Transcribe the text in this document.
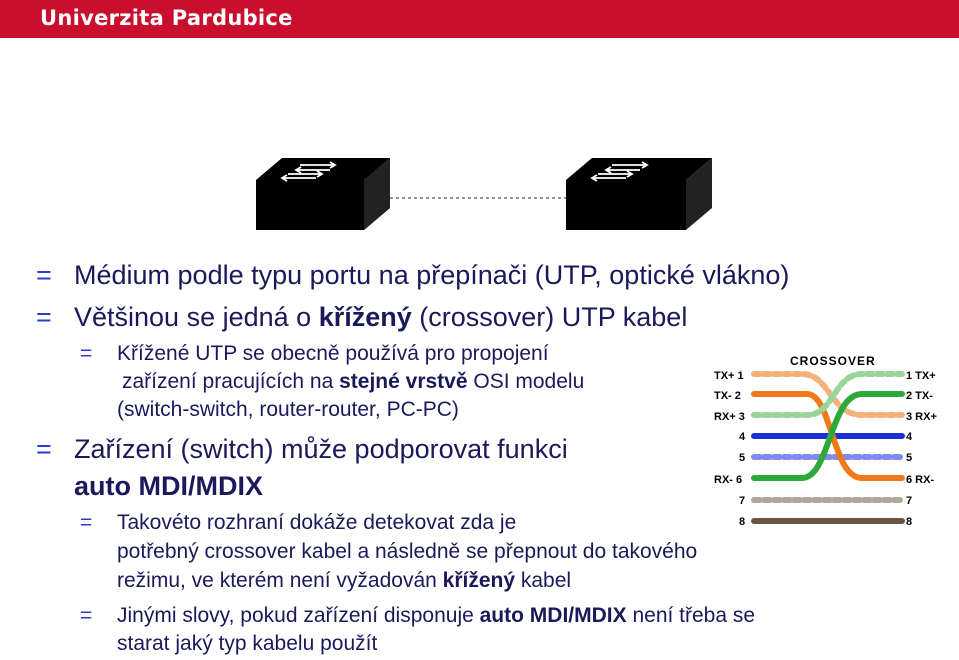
Univerzita Pardubice
CROSSOVER
TX+ 1
TX- 2
RX+ 3
4
5
RX- 6
7
8
1 TX+
2 TX-
3 RX+
4
5
6 RX-
7
8
= Médium podle typu portu na přepínači (UTP, optické vlákno)
= Většinou se jedná o křížený (crossover) UTP kabel
= Křížené UTP se obecně používá pro propojení
zařízení pracujících na stejné vrstvě OSI modelu
(switch-switch, router-router, PC-PC)
= Zařízení (switch) může podporovat funkci
auto MDI/MDIX
= Takovéto rozhraní dokáže detekovat zda je
potřebný crossover kabel a následně se přepnout do takového
režimu, ve kterém není vyžadován křížený kabel
= Jinými slovy, pokud zařízení disponuje auto MDI/MDIX není třeba se
starat jaký typ kabelu použít
